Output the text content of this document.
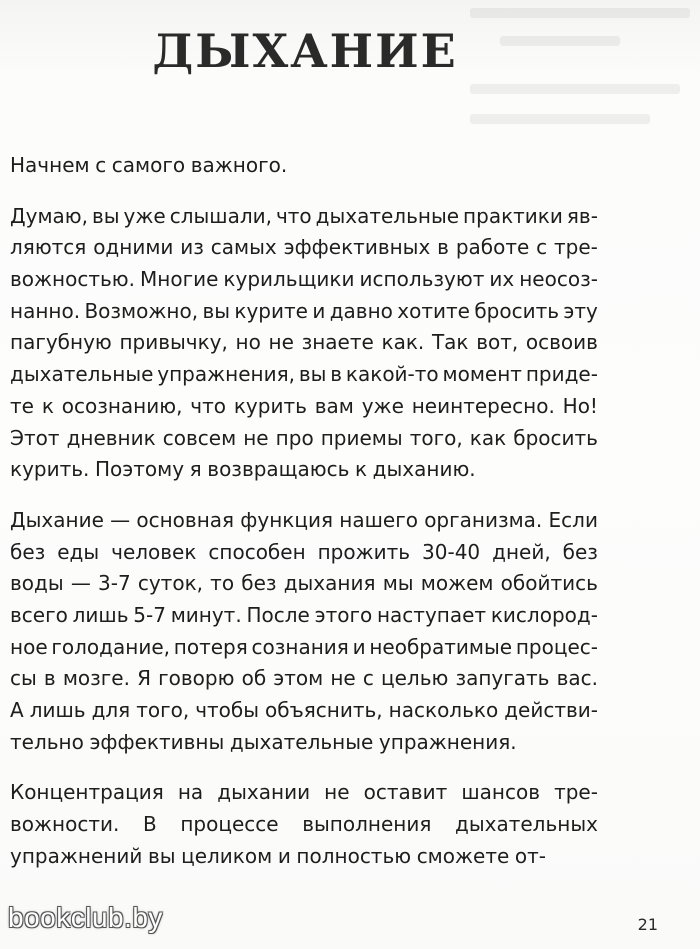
ДЫХАНИЕ
Начнем с самого важного.
Думаю, вы уже слышали, что дыхательные практики яв-
ляются одними из самых эффективных в работе с тре-
вожностью. Многие курильщики используют их неосоз-
нанно. Возможно, вы курите и давно хотите бросить эту
пагубную привычку, но не знаете как. Так вот, освоив
дыхательные упражнения, вы в какой-то момент приде-
те к осознанию, что курить вам уже неинтересно. Но!
Этот дневник совсем не про приемы того, как бросить
курить. Поэтому я возвращаюсь к дыханию.
Дыхание — основная функция нашего организма. Если
без еды человек способен прожить 30-40 дней, без
воды — 3-7 суток, то без дыхания мы можем обойтись
всего лишь 5-7 минут. После этого наступает кислород-
ное голодание, потеря сознания и необратимые процес-
сы в мозге. Я говорю об этом не с целью запугать вас.
А лишь для того, чтобы объяснить, насколько действи-
тельно эффективны дыхательные упражнения.
Концентрация на дыхании не оставит шансов тре-
вожности. В процессе выполнения дыхательных
упражнений вы целиком и полностью сможете от-
bookclub.by	21
